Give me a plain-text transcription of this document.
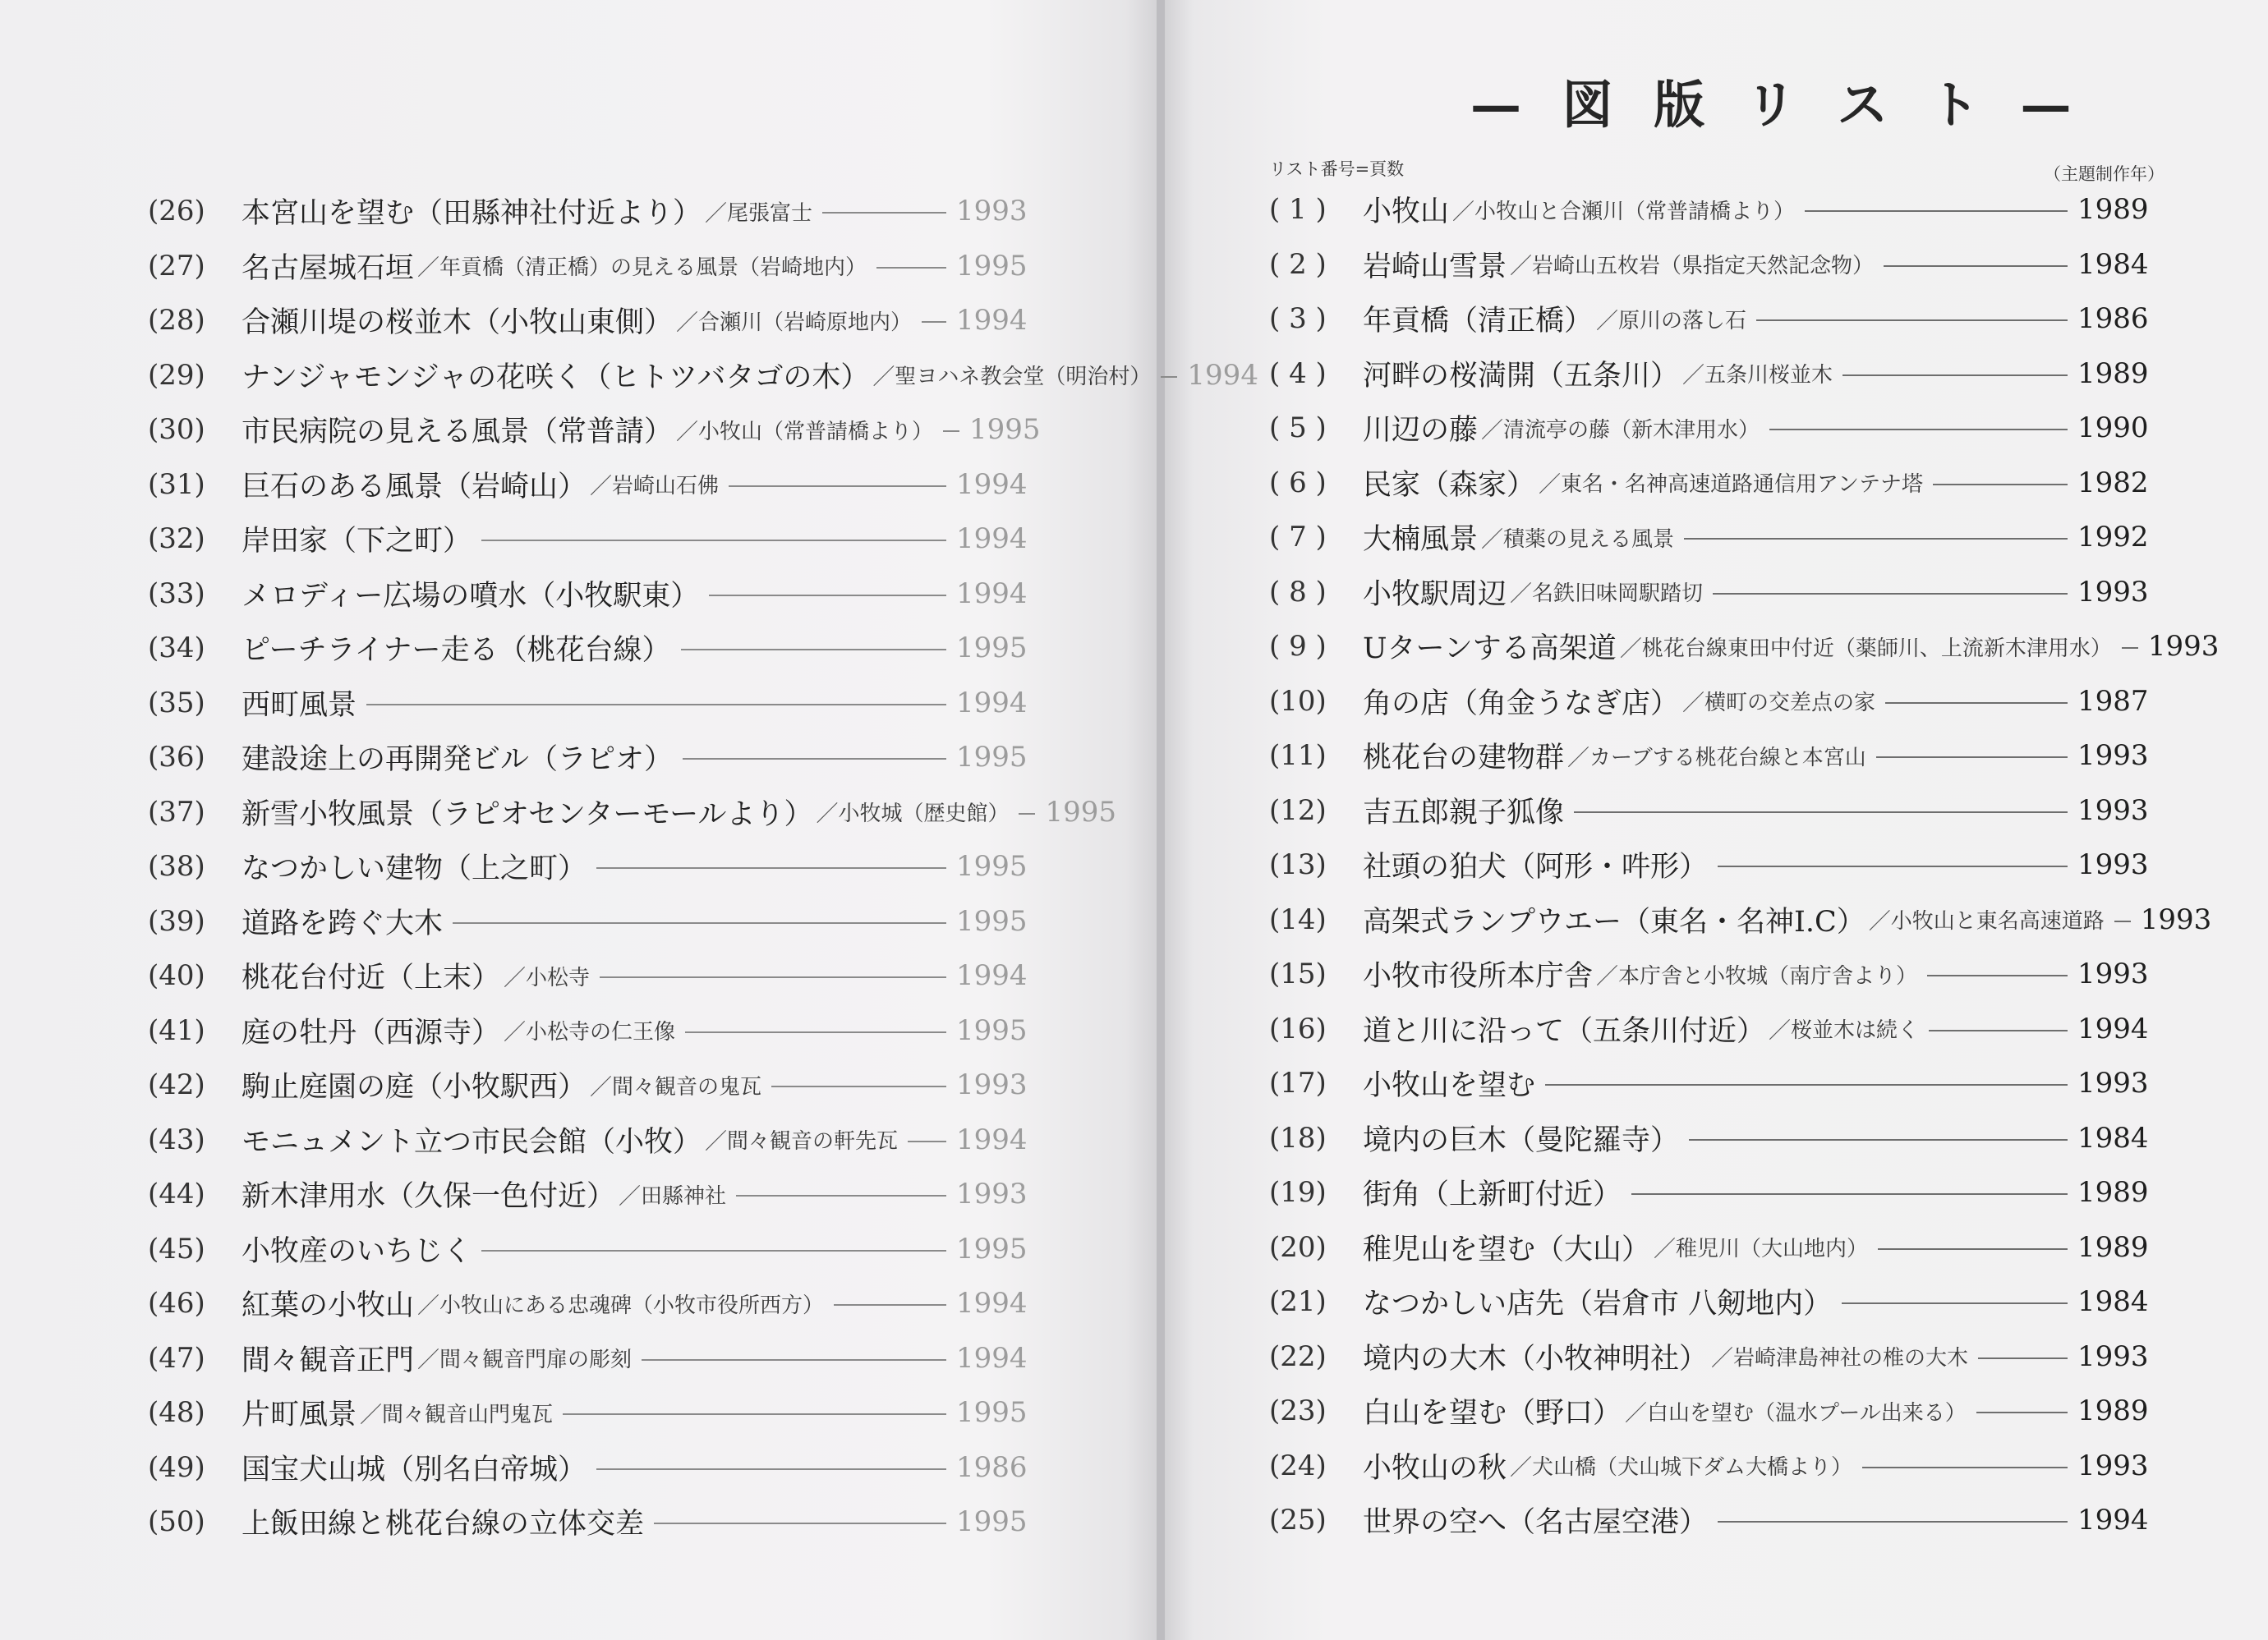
— 図 版 リ ス ト —
リスト番号=頁数	（主題制作年）
(26)	本宮山を望む（田縣神社付近より） ／ 尾張富士	1993
(27)	名古屋城石垣 ／ 年貢橋（清正橋）の見える風景（岩崎地内）	1995
(28)	合瀬川堤の桜並木（小牧山東側） ／ 合瀬川（岩崎原地内） 1994
(29)	ナンジャモンジャの花咲く（ヒトツバタゴの木） ／ 聖ヨハネ教会堂（明治村） 1994
(30)	市民病院の見える風景（常普請） ／ 小牧山（常普請橋より） 1995
(31)	巨石のある風景（岩崎山） ／ 岩崎山石佛	1994
(32)	岸田家（下之町）	1994
(33)	メロディー広場の噴水（小牧駅東）	1994
(34)	ピーチライナー走る（桃花台線）	1995
(35)	西町風景	1994
(36)	建設途上の再開発ビル（ラピオ）	1995
(37)	新雪小牧風景（ラピオセンターモールより） ／ 小牧城（歴史館） 1995
(38)	なつかしい建物（上之町）	1995
(39)	道路を跨ぐ大木	1995
(40)	桃花台付近（上末） ／ 小松寺	1994
(41)	庭の牡丹（西源寺） ／ 小松寺の仁王像	1995
(42)	駒止庭園の庭（小牧駅西） ／ 間々観音の鬼瓦	1993
(43)	モニュメント立つ市民会館（小牧） ／ 間々観音の軒先瓦 1994
(44)	新木津用水（久保一色付近） ／ 田縣神社	1993
(45)	小牧産のいちじく	1995
(46)	紅葉の小牧山 ／ 小牧山にある忠魂碑（小牧市役所西方）	1994
(47)	間々観音正門 ／ 間々観音門扉の彫刻	1994
(48)	片町風景 ／ 間々観音山門鬼瓦	1995
(49)	国宝犬山城（別名白帝城）	1986
(50)	上飯田線と桃花台線の立体交差	1995
( 1 )	小牧山 ／ 小牧山と合瀬川（常普請橋より）	1989
( 2 )	岩崎山雪景 ／ 岩崎山五枚岩（県指定天然記念物）	1984
( 3 )	年貢橋（清正橋） ／ 原川の落し石	1986
( 4 )	河畔の桜満開（五条川） ／ 五条川桜並木	1989
( 5 )	川辺の藤 ／ 清流亭の藤（新木津用水）	1990
( 6 )	民家（森家） ／ 東名・名神高速道路通信用アンテナ塔	1982
( 7 )	大楠風景 ／ 積薬の見える風景	1992
( 8 )	小牧駅周辺 ／ 名鉄旧味岡駅踏切	1993
( 9 )	Uターンする高架道 ／ 桃花台線東田中付近（薬師川、上流新木津用水） 1993
(10)	角の店（角金うなぎ店） ／ 横町の交差点の家	1987
(11)	桃花台の建物群 ／ カーブする桃花台線と本宮山	1993
(12)	吉五郎親子狐像	1993
(13)	社頭の狛犬（阿形・吽形）	1993
(14)	高架式ランプウエー（東名・名神I.C） ／ 小牧山と東名高速道路 1993
(15)	小牧市役所本庁舎 ／ 本庁舎と小牧城（南庁舎より）	1993
(16)	道と川に沿って（五条川付近） ／ 桜並木は続く	1994
(17)	小牧山を望む	1993
(18)	境内の巨木（曼陀羅寺）	1984
(19)	街角（上新町付近）	1989
(20)	稚児山を望む（大山） ／ 稚児川（大山地内）	1989
(21)	なつかしい店先（岩倉市 八剱地内）	1984
(22)	境内の大木（小牧神明社） ／ 岩崎津島神社の椎の大木	1993
(23)	白山を望む（野口） ／ 白山を望む（温水プール出来る）	1989
(24)	小牧山の秋 ／ 犬山橋（犬山城下ダム大橋より）	1993
(25)	世界の空へ（名古屋空港）	1994
